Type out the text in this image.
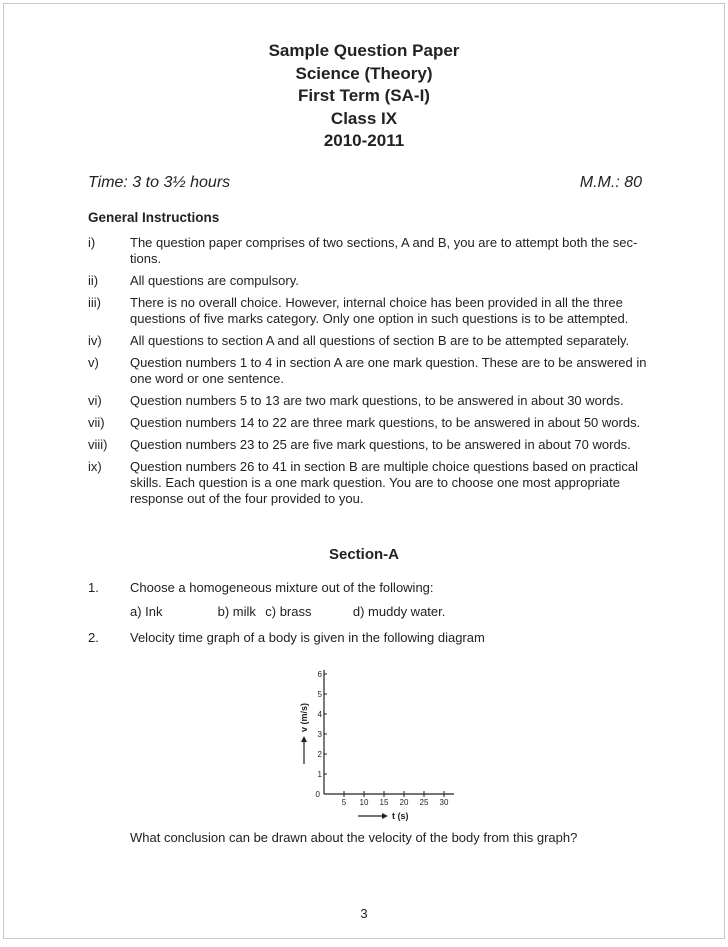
Sample Question Paper
Science (Theory)
First Term (SA-I)
Class IX
2010-2011
Time: 3 to 3½ hours	M.M.: 80
General Instructions
i)	The question paper comprises of two sections, A and B, you are to attempt both the sec- tions.
ii)	All questions are compulsory.
iii)	There is no overall choice. However, internal choice has been provided in all the three questions of five marks category. Only one option in such questions is to be attempted.
iv)	All questions to section A and all questions of section B are to be attempted separately.
v)	Question numbers 1 to 4 in section A are one mark question. These are to be answered in one word or one sentence.
vi)	Question numbers 5 to 13 are two mark questions, to be answered in about 30 words.
vii)	Question numbers 14 to 22 are three mark questions, to be answered in about 50 words.
viii)	Question numbers 23 to 25 are five mark questions, to be answered in about 70 words.
ix)	Question numbers 26 to 41 in section B are multiple choice questions based on practical skills. Each question is a one mark question. You are to choose one most appropriate response out of the four provided to you.
Section-A
1.	Choose a homogeneous mixture out of the following:
a) Ink	b) milk c) brass	d) muddy water.
2.	Velocity time graph of a body is given in the following diagram
0
1
2
3
4
5
6
5 10 15 20 25 30
v (m/s)
t (s)
What conclusion can be drawn about the velocity of the body from this graph?
3
